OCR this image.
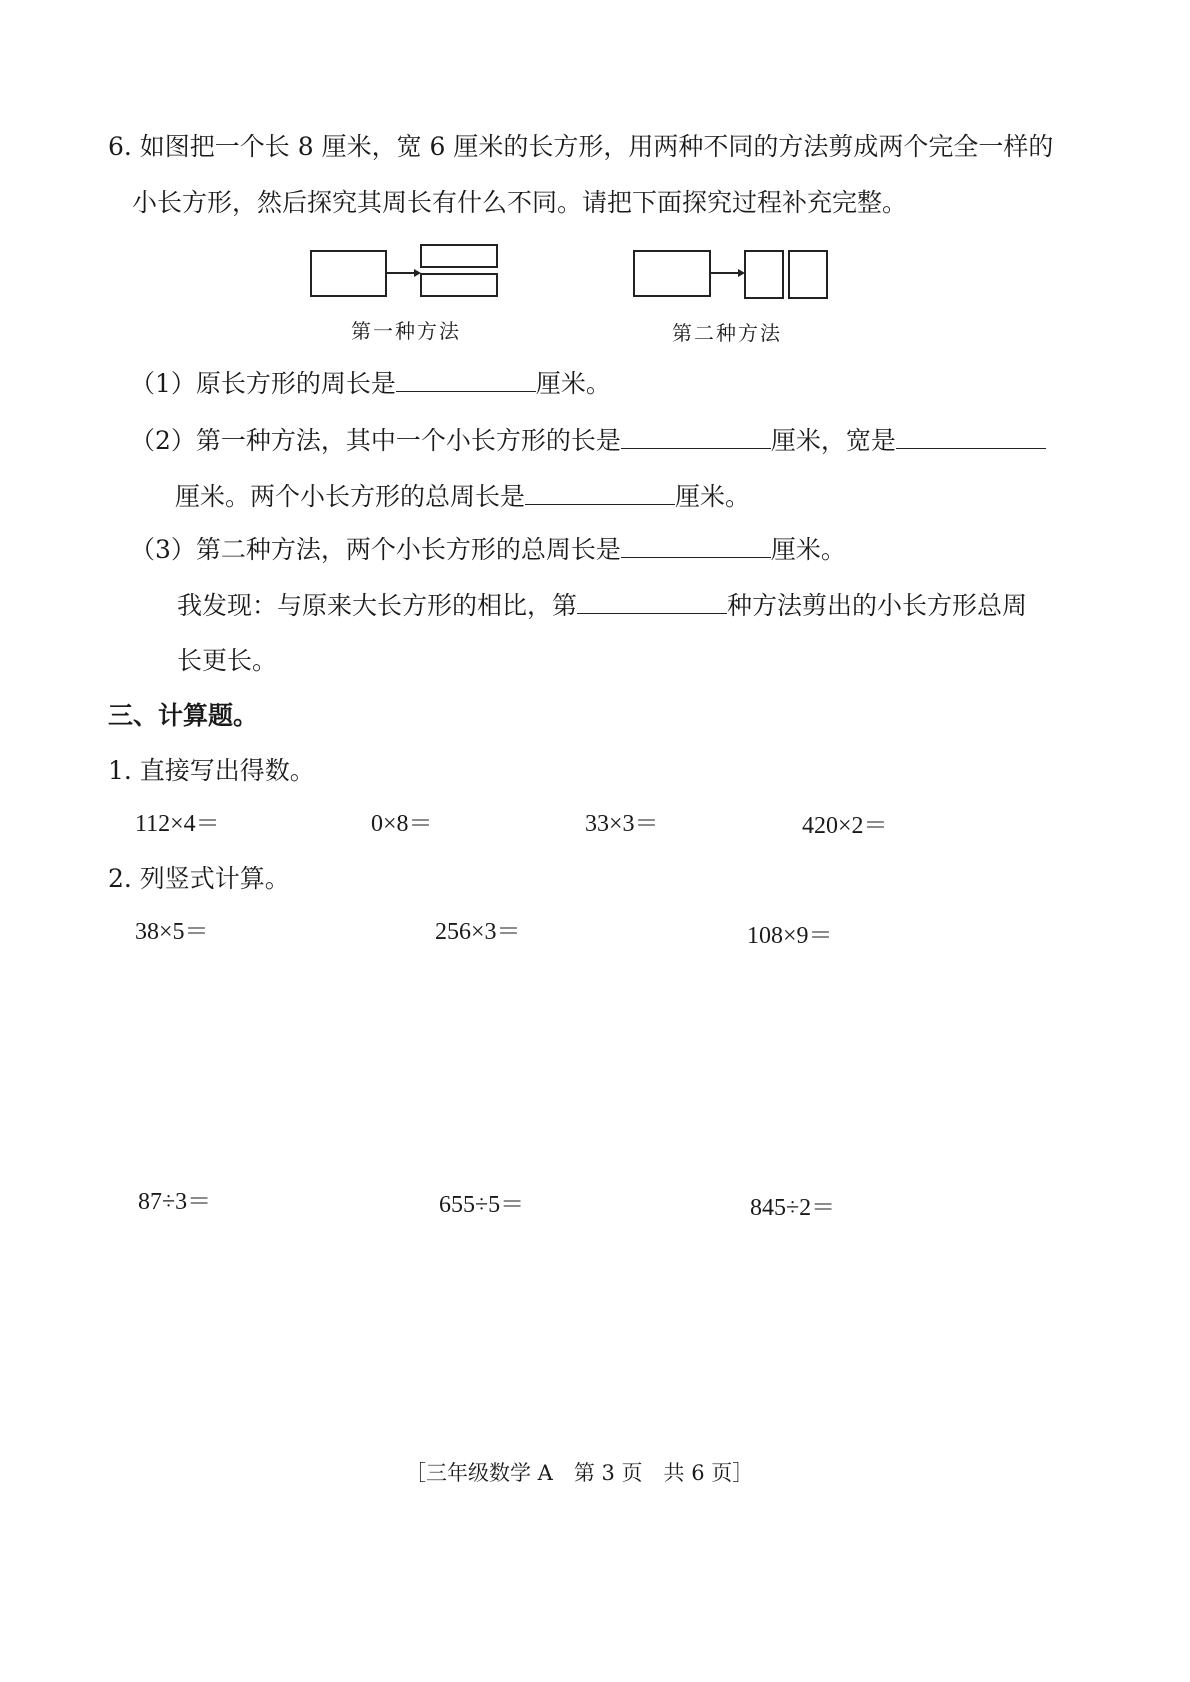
6. 如图把一个长 8 厘米，宽 6 厘米的长方形，用两种不同的方法剪成两个完全一样的
小长方形，然后探究其周长有什么不同。请把下面探究过程补充完整。
第一种方法	第二种方法
（1）原长方形的周长是	厘米。
（2）第一种方法，其中一个小长方形的长是	厘米，宽是
厘米。两个小长方形的总周长是	厘米。
（3）第二种方法，两个小长方形的总周长是	厘米。
我发现：与原来大长方形的相比，第	种方法剪出的小长方形总周
长更长。
三、计算题。
1. 直接写出得数。
112×4＝	0×8＝	33×3＝	420×2＝
2. 列竖式计算。
38×5＝	256×3＝	108×9＝
87÷3＝	655÷5＝	845÷2＝
［三年级数学 A　第 3 页　共 6 页］
